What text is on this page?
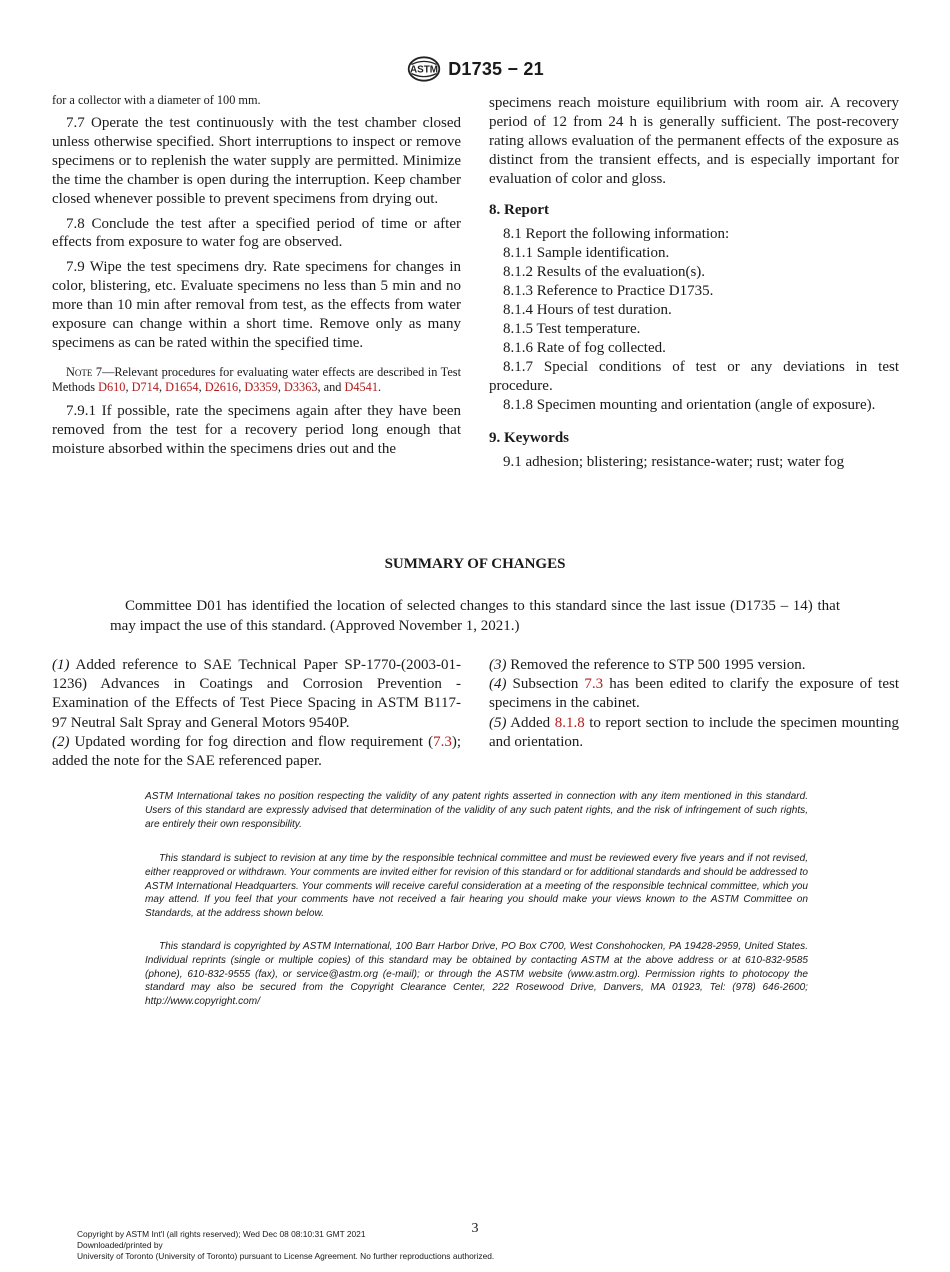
ASTM D1735 − 21

for a collector with a diameter of 100 mm.

7.7 Operate the test continuously with the test chamber closed unless otherwise specified. Short interruptions to inspect or remove specimens or to replenish the water supply are permitted. Minimize the time the chamber is open during the interruption. Keep chamber closed whenever possible to prevent specimens from drying out.

7.8 Conclude the test after a specified period of time or after effects from exposure to water fog are observed.

7.9 Wipe the test specimens dry. Rate specimens for changes in color, blistering, etc. Evaluate specimens no less than 5 min and no more than 10 min after removal from test, as the effects from water exposure can change within a short time. Remove only as many specimens as can be rated within the specified time.

Note 7—Relevant procedures for evaluating water effects are described in Test Methods D610, D714, D1654, D2616, D3359, D3363, and D4541.

7.9.1 If possible, rate the specimens again after they have been removed from the test for a recovery period long enough that moisture absorbed within the specimens dries out and the

specimens reach moisture equilibrium with room air. A recovery period of 12 from 24 h is generally sufficient. The post-recovery rating allows evaluation of the permanent effects of the exposure as distinct from the transient effects, and is especially important for evaluation of color and gloss.

8. Report
8.1 Report the following information:
8.1.1 Sample identification.
8.1.2 Results of the evaluation(s).
8.1.3 Reference to Practice D1735.
8.1.4 Hours of test duration.
8.1.5 Test temperature.
8.1.6 Rate of fog collected.
8.1.7 Special conditions of test or any deviations in test procedure.
8.1.8 Specimen mounting and orientation (angle of exposure).
9. Keywords

9.1 adhesion; blistering; resistance-water; rust; water fog

SUMMARY OF CHANGES
Committee D01 has identified the location of selected changes to this standard since the last issue (D1735 – 14) that may impact the use of this standard. (Approved November 1, 2021.)
(1) Added reference to SAE Technical Paper SP-1770-(2003-01-1236) Advances in Coatings and Corrosion Prevention - Examination of the Effects of Test Piece Spacing in ASTM B117-97 Neutral Salt Spray and General Motors 9540P.
(2) Updated wording for fog direction and flow requirement (7.3); added the note for the SAE referenced paper.
(3) Removed the reference to STP 500 1995 version.
(4) Subsection 7.3 has been edited to clarify the exposure of test specimens in the cabinet.
(5) Added 8.1.8 to report section to include the specimen mounting and orientation.
ASTM International takes no position respecting the validity of any patent rights asserted in connection with any item mentioned in this standard. Users of this standard are expressly advised that determination of the validity of any such patent rights, and the risk of infringement of such rights, are entirely their own responsibility.
This standard is subject to revision at any time by the responsible technical committee and must be reviewed every five years and if not revised, either reapproved or withdrawn. Your comments are invited either for revision of this standard or for additional standards and should be addressed to ASTM International Headquarters. Your comments will receive careful consideration at a meeting of the responsible technical committee, which you may attend. If you feel that your comments have not received a fair hearing you should make your views known to the ASTM Committee on Standards, at the address shown below.
This standard is copyrighted by ASTM International, 100 Barr Harbor Drive, PO Box C700, West Conshohocken, PA 19428-2959, United States. Individual reprints (single or multiple copies) of this standard may be obtained by contacting ASTM at the above address or at 610-832-9585 (phone), 610-832-9555 (fax), or service@astm.org (e-mail); or through the ASTM website (www.astm.org). Permission rights to photocopy the standard may also be secured from the Copyright Clearance Center, 222 Rosewood Drive, Danvers, MA 01923, Tel: (978) 646-2600; http://www.copyright.com/
3
Copyright by ASTM Int'l (all rights reserved); Wed Dec 08 08:10:31 GMT 2021
Downloaded/printed by
University of Toronto (University of Toronto) pursuant to License Agreement. No further reproductions authorized.
